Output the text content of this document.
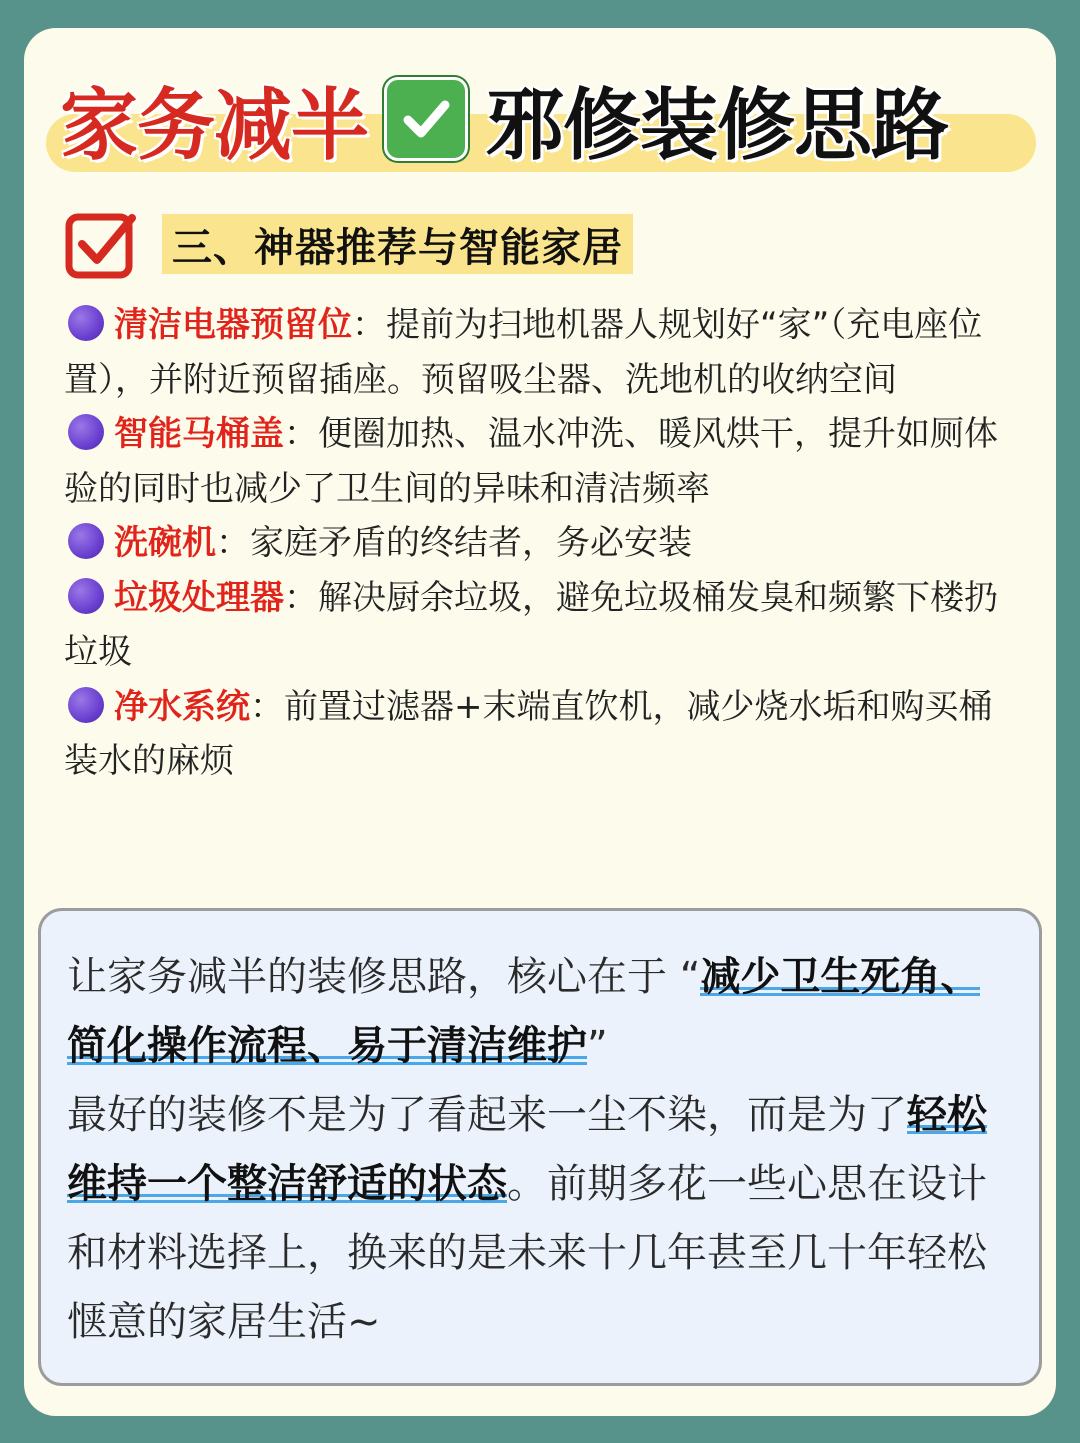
家务减半 邪修装修思路
三、神器推荐与智能家居

清洁电器预留位：提前为扫地机器人规划好“家”（充电座位置），并附近预留插座。预留吸尘器、洗地机的收纳空间

智能马桶盖：便圈加热、温水冲洗、暖风烘干，提升如厕体验的同时也减少了卫生间的异味和清洁频率

洗碗机：家庭矛盾的终结者，务必安装

垃圾处理器：解决厨余垃圾，避免垃圾桶发臭和频繁下楼扔垃圾

净水系统：前置过滤器+末端直饮机，减少烧水垢和购买桶装水的麻烦

让家务减半的装修思路，核心在于 “减少卫生死角、简化操作流程、易于清洁维护”

最好的装修不是为了看起来一尘不染，而是为了轻松维持一个整洁舒适的状态。前期多花一些心思在设计和材料选择上，换来的是未来十几年甚至几十年轻松惬意的家居生活~
